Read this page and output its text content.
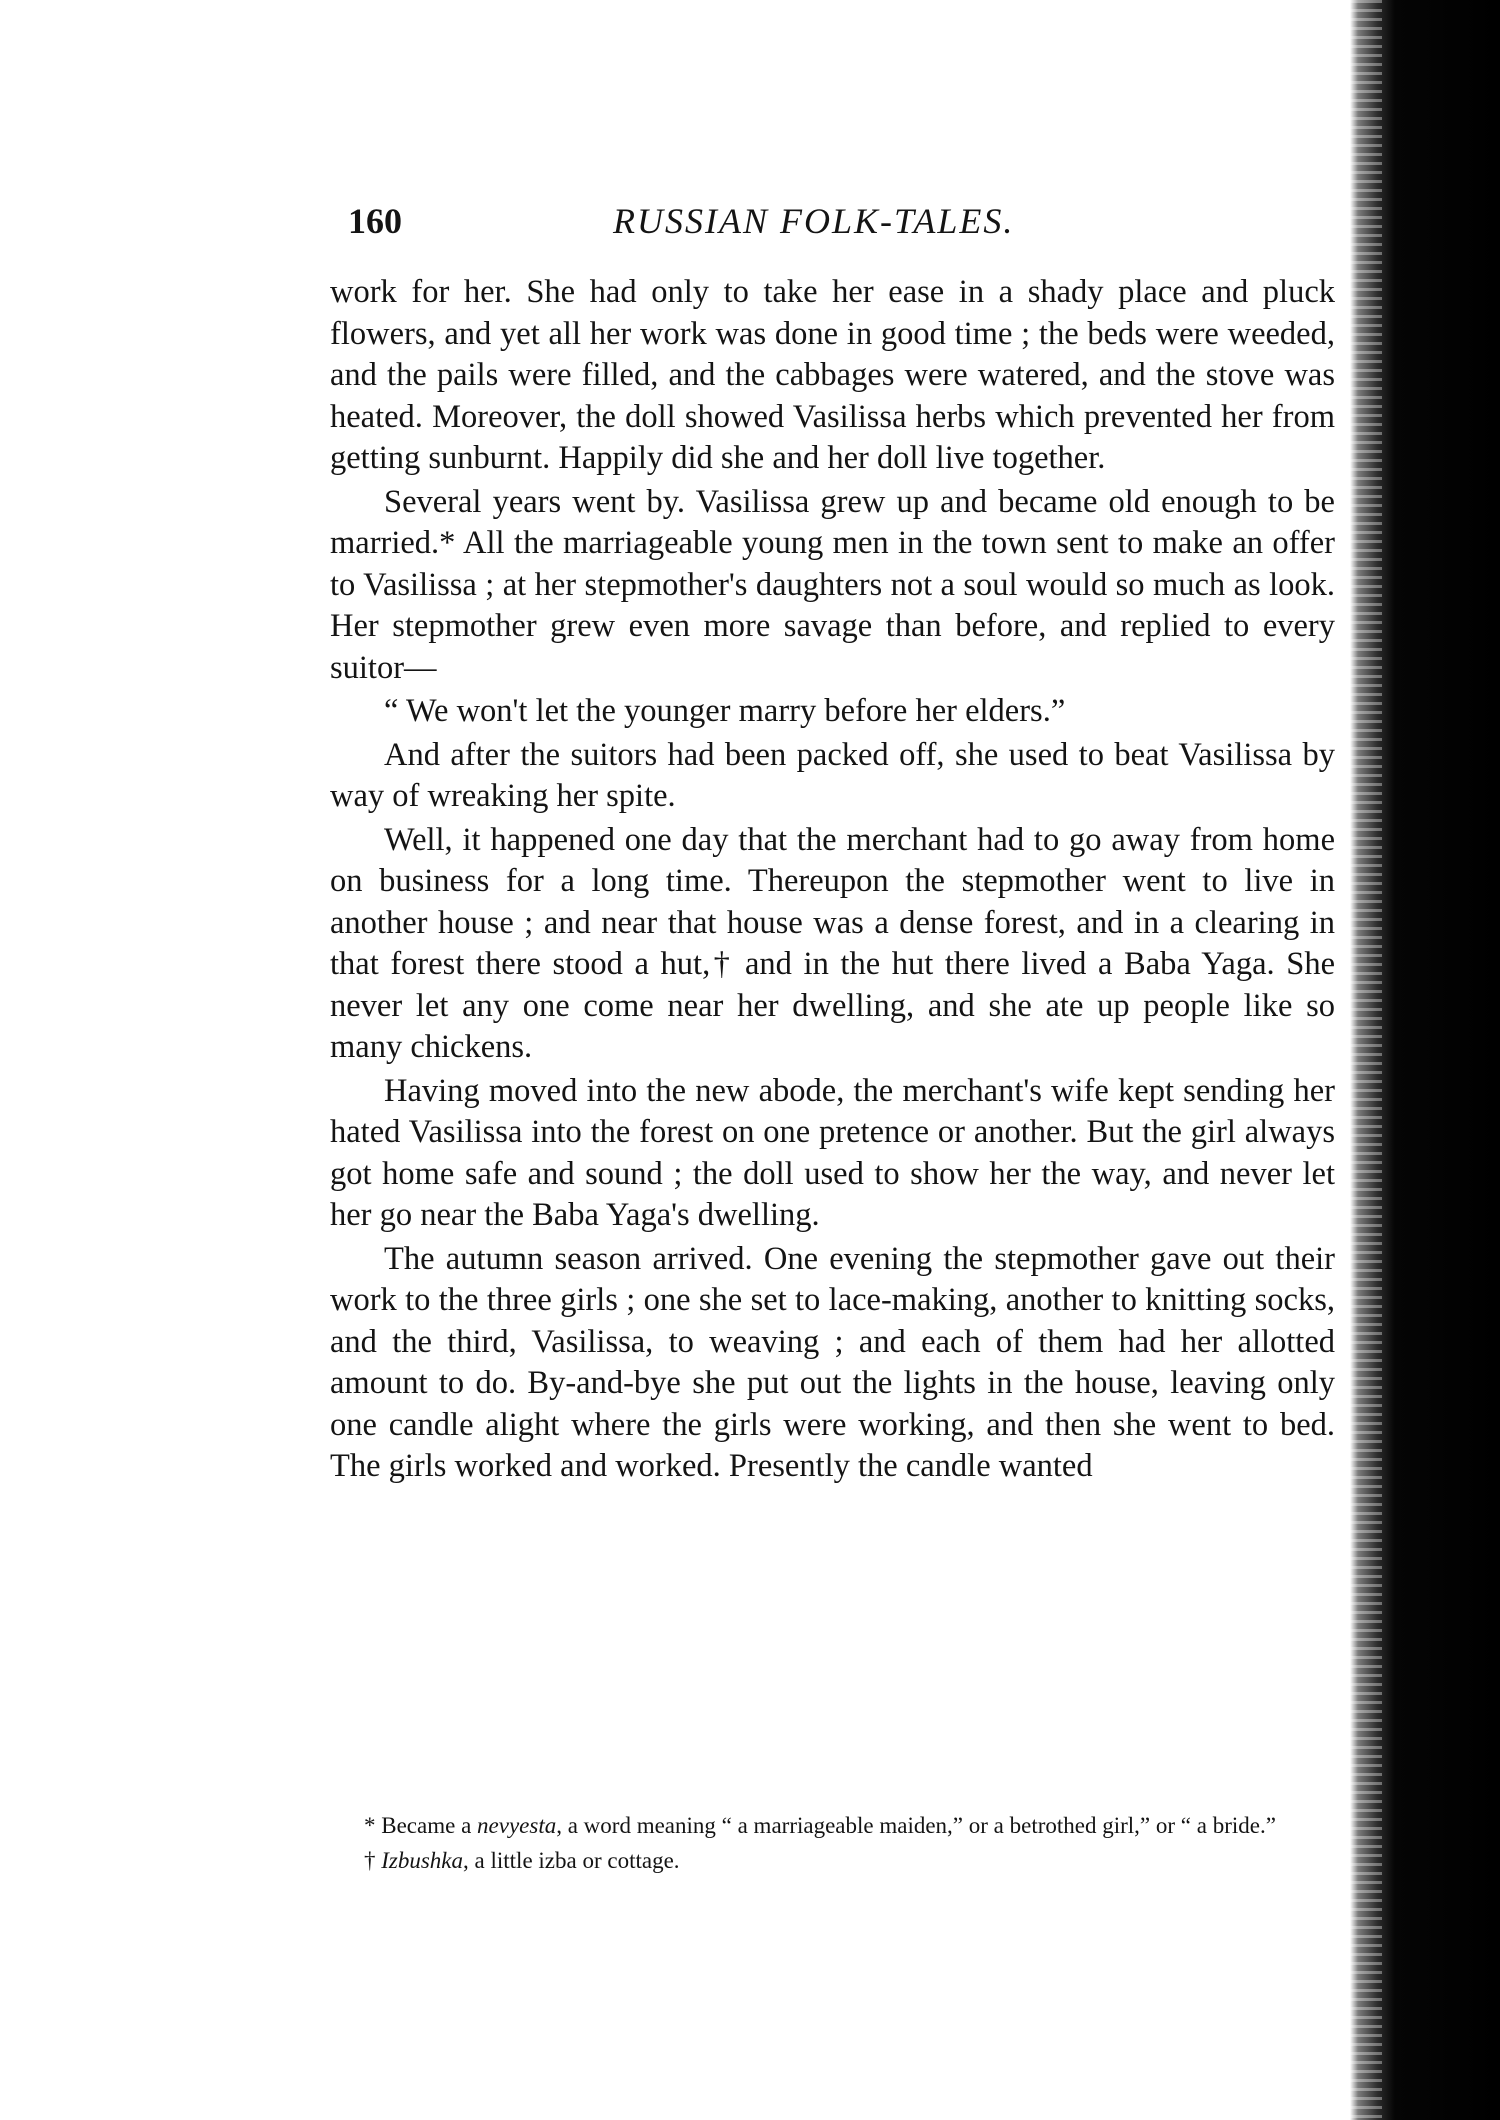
160	RUSSIAN FOLK-TALES.

work for her. She had only to take her ease in a shady place and pluck flowers, and yet all her work was done in good time ; the beds were weeded, and the pails were filled, and the cabbages were watered, and the stove was heated. Moreover, the doll showed Vasilissa herbs which prevented her from getting sunburnt. Happily did she and her doll live together.

Several years went by. Vasilissa grew up and became old enough to be married.* All the marriageable young men in the town sent to make an offer to Vasilissa ; at her stepmother's daughters not a soul would so much as look. Her stepmother grew even more savage than before, and replied to every suitor—

“ We won't let the younger marry before her elders.”

And after the suitors had been packed off, she used to beat Vasilissa by way of wreaking her spite.

Well, it happened one day that the merchant had to go away from home on business for a long time. Thereupon the stepmother went to live in another house ; and near that house was a dense forest, and in a clearing in that forest there stood a hut,† and in the hut there lived a Baba Yaga. She never let any one come near her dwelling, and she ate up people like so many chickens.

Having moved into the new abode, the merchant's wife kept sending her hated Vasilissa into the forest on one pretence or another. But the girl always got home safe and sound ; the doll used to show her the way, and never let her go near the Baba Yaga's dwelling.

The autumn season arrived. One evening the stepmother gave out their work to the three girls ; one she set to lace-making, another to knitting socks, and the third, Vasilissa, to weaving ; and each of them had her allotted amount to do. By-and-bye she put out the lights in the house, leaving only one candle alight where the girls were working, and then she went to bed. The girls worked and worked. Presently the candle wanted

* Became a nevyesta, a word meaning “ a marriageable maiden,” or a betrothed girl,” or “ a bride.”

† Izbushka, a little izba or cottage.
